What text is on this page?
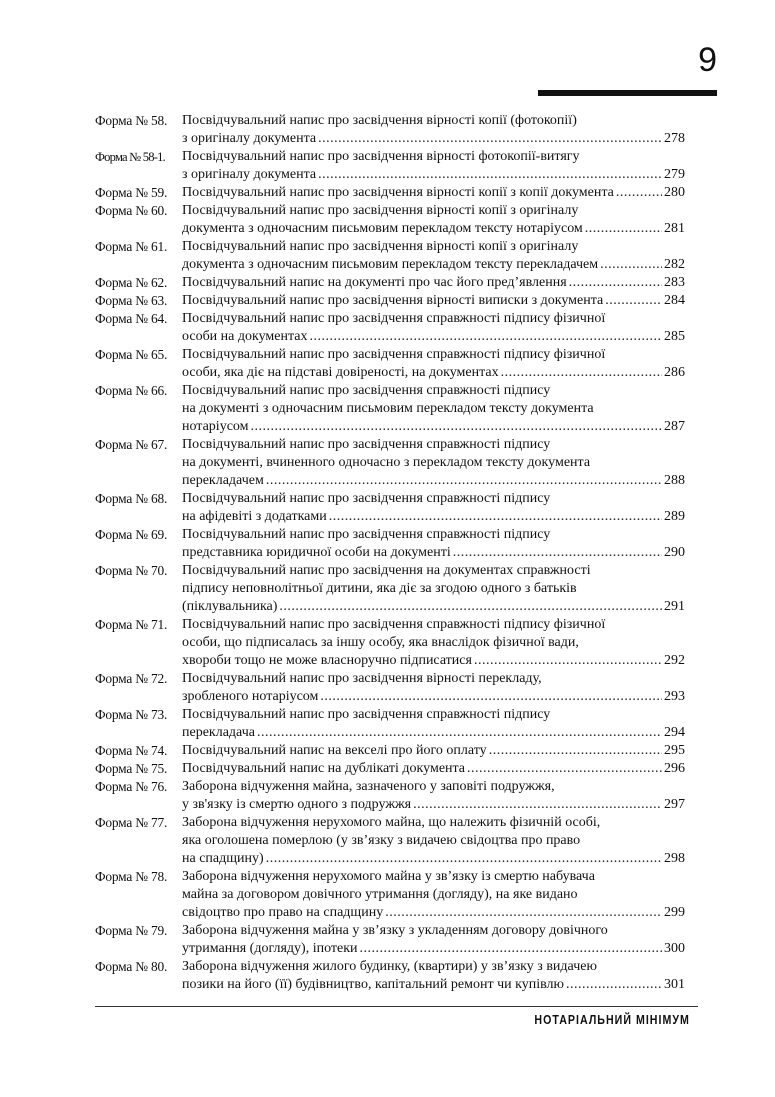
9
Форма № 58.	Посвідчувальний напис про засвідчення вірності копії (фотокопії)
з оригіналу документа .....	278
Форма № 58-1.	Посвідчувальний напис про засвідчення вірності фотокопії-витягу
з оригіналу документа .....	279
Форма № 59.	Посвідчувальний напис про засвідчення вірності копії з копії документа .....	280
Форма № 60.	Посвідчувальний напис про засвідчення вірності копії з оригіналу
документа з одночасним письмовим перекладом тексту нотаріусом .....	281
Форма № 61.	Посвідчувальний напис про засвідчення вірності копії з оригіналу
документа з одночасним письмовим перекладом тексту перекладачем .....	282
Форма № 62.	Посвідчувальний напис на документі про час його пред’явлення .....	283
Форма № 63.	Посвідчувальний напис про засвідчення вірності виписки з документа .....	284
Форма № 64.	Посвідчувальний напис про засвідчення справжності підпису фізичної
особи на документах .....	285
Форма № 65.	Посвідчувальний напис про засвідчення справжності підпису фізичної
особи, яка діє на підставі довіреності, на документах .....	286
Форма № 66.	Посвідчувальний напис про засвідчення справжності підпису
на документі з одночасним письмовим перекладом тексту документа
нотаріусом .....	287
Форма № 67.	Посвідчувальний напис про засвідчення справжності підпису
на документі, вчиненного одночасно з перекладом тексту документа
перекладачем .....	288
Форма № 68.	Посвідчувальний напис про засвідчення справжності підпису
на афідевіті з додатками .....	289
Форма № 69.	Посвідчувальний напис про засвідчення справжності підпису
представника юридичної особи на документі .....	290
Форма № 70.	Посвідчувальний напис про засвідчення на документах справжності
підпису неповнолітньої дитини, яка діє за згодою одного з батьків
(піклувальника) .....	291
Форма № 71.	Посвідчувальний напис про засвідчення справжності підпису фізичної
особи, що підписалась за іншу особу, яка внаслідок фізичної вади,
хвороби тощо не може власноручно підписатися .....	292
Форма № 72.	Посвідчувальний напис про засвідчення вірності перекладу,
зробленого нотаріусом .....	293
Форма № 73.	Посвідчувальний напис про засвідчення справжності підпису
перекладача .....	294
Форма № 74.	Посвідчувальний напис на векселі про його оплату .....	295
Форма № 75.	Посвідчувальний напис на дублікаті документа .....	296
Форма № 76.	Заборона відчуження майна, зазначеного у заповіті подружжя,
у зв'язку із смертю одного з подружжя .....	297
Форма № 77.	Заборона відчуження нерухомого майна, що належить фізичній особі,
яка оголошена померлою (у зв’язку з видачею свідоцтва про право
на спадщину) .....	298
Форма № 78.	Заборона відчуження нерухомого майна у зв’язку із смертю набувача
майна за договором довічного утримання (догляду), на яке видано
свідоцтво про право на спадщину .....	299
Форма № 79.	Заборона відчуження майна у зв’язку з укладенням договору довічного
утримання (догляду), іпотеки .....	300
Форма № 80.	Заборона відчуження жилого будинку, (квартири) у зв’язку з видачею
позики на його (її) будівництво, капітальний ремонт чи купівлю .....	301
НОТАРІАЛЬНИЙ МІНІМУМ
